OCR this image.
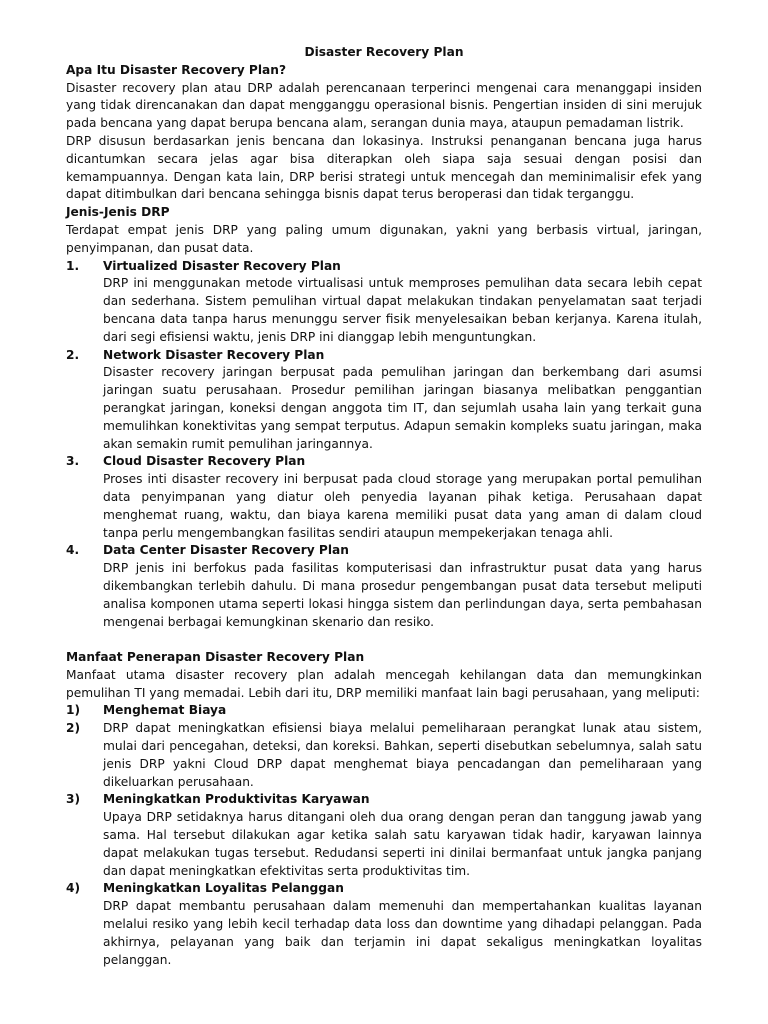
Disaster Recovery Plan

Apa Itu Disaster Recovery Plan?

Disaster recovery plan atau DRP adalah perencanaan terperinci mengenai cara menanggapi insiden yang tidak direncanakan dan dapat mengganggu operasional bisnis. Pengertian insiden di sini merujuk pada bencana yang dapat berupa bencana alam, serangan dunia maya, ataupun pemadaman listrik.

DRP disusun berdasarkan jenis bencana dan lokasinya. Instruksi penanganan bencana juga harus dicantumkan secara jelas agar bisa diterapkan oleh siapa saja sesuai dengan posisi dan kemampuannya. Dengan kata lain, DRP berisi strategi untuk mencegah dan meminimalisir efek yang dapat ditimbulkan dari bencana sehingga bisnis dapat terus beroperasi dan tidak terganggu.

Jenis-Jenis DRP

Terdapat empat jenis DRP yang paling umum digunakan, yakni yang berbasis virtual, jaringan, penyimpanan, dan pusat data.

1.	Virtualized Disaster Recovery Plan
DRP ini menggunakan metode virtualisasi untuk memproses pemulihan data secara lebih cepat dan sederhana. Sistem pemulihan virtual dapat melakukan tindakan penyelamatan saat terjadi bencana data tanpa harus menunggu server fisik menyelesaikan beban kerjanya. Karena itulah, dari segi efisiensi waktu, jenis DRP ini dianggap lebih menguntungkan.
2.	Network Disaster Recovery Plan
Disaster recovery jaringan berpusat pada pemulihan jaringan dan berkembang dari asumsi jaringan suatu perusahaan. Prosedur pemilihan jaringan biasanya melibatkan penggantian perangkat jaringan, koneksi dengan anggota tim IT, dan sejumlah usaha lain yang terkait guna memulihkan konektivitas yang sempat terputus. Adapun semakin kompleks suatu jaringan, maka akan semakin rumit pemulihan jaringannya.
3.	Cloud Disaster Recovery Plan
Proses inti disaster recovery ini berpusat pada cloud storage yang merupakan portal pemulihan data penyimpanan yang diatur oleh penyedia layanan pihak ketiga. Perusahaan dapat menghemat ruang, waktu, dan biaya karena memiliki pusat data yang aman di dalam cloud tanpa perlu mengembangkan fasilitas sendiri ataupun mempekerjakan tenaga ahli.
4.	Data Center Disaster Recovery Plan
DRP jenis ini berfokus pada fasilitas komputerisasi dan infrastruktur pusat data yang harus dikembangkan terlebih dahulu. Di mana prosedur pengembangan pusat data tersebut meliputi analisa komponen utama seperti lokasi hingga sistem dan perlindungan daya, serta pembahasan mengenai berbagai kemungkinan skenario dan resiko.

Manfaat Penerapan Disaster Recovery Plan

Manfaat utama disaster recovery plan adalah mencegah kehilangan data dan memungkinkan pemulihan TI yang memadai. Lebih dari itu, DRP memiliki manfaat lain bagi perusahaan, yang meliputi:

1)	Menghemat Biaya
2)	DRP dapat meningkatkan efisiensi biaya melalui pemeliharaan perangkat lunak atau sistem, mulai dari pencegahan, deteksi, dan koreksi. Bahkan, seperti disebutkan sebelumnya, salah satu jenis DRP yakni Cloud DRP dapat menghemat biaya pencadangan dan pemeliharaan yang dikeluarkan perusahaan.
3)	Meningkatkan Produktivitas Karyawan
Upaya DRP setidaknya harus ditangani oleh dua orang dengan peran dan tanggung jawab yang sama. Hal tersebut dilakukan agar ketika salah satu karyawan tidak hadir, karyawan lainnya dapat melakukan tugas tersebut. Redudansi seperti ini dinilai bermanfaat untuk jangka panjang dan dapat meningkatkan efektivitas serta produktivitas tim.
4)	Meningkatkan Loyalitas Pelanggan
DRP dapat membantu perusahaan dalam memenuhi dan mempertahankan kualitas layanan melalui resiko yang lebih kecil terhadap data loss dan downtime yang dihadapi pelanggan. Pada akhirnya, pelayanan yang baik dan terjamin ini dapat sekaligus meningkatkan loyalitas pelanggan.
